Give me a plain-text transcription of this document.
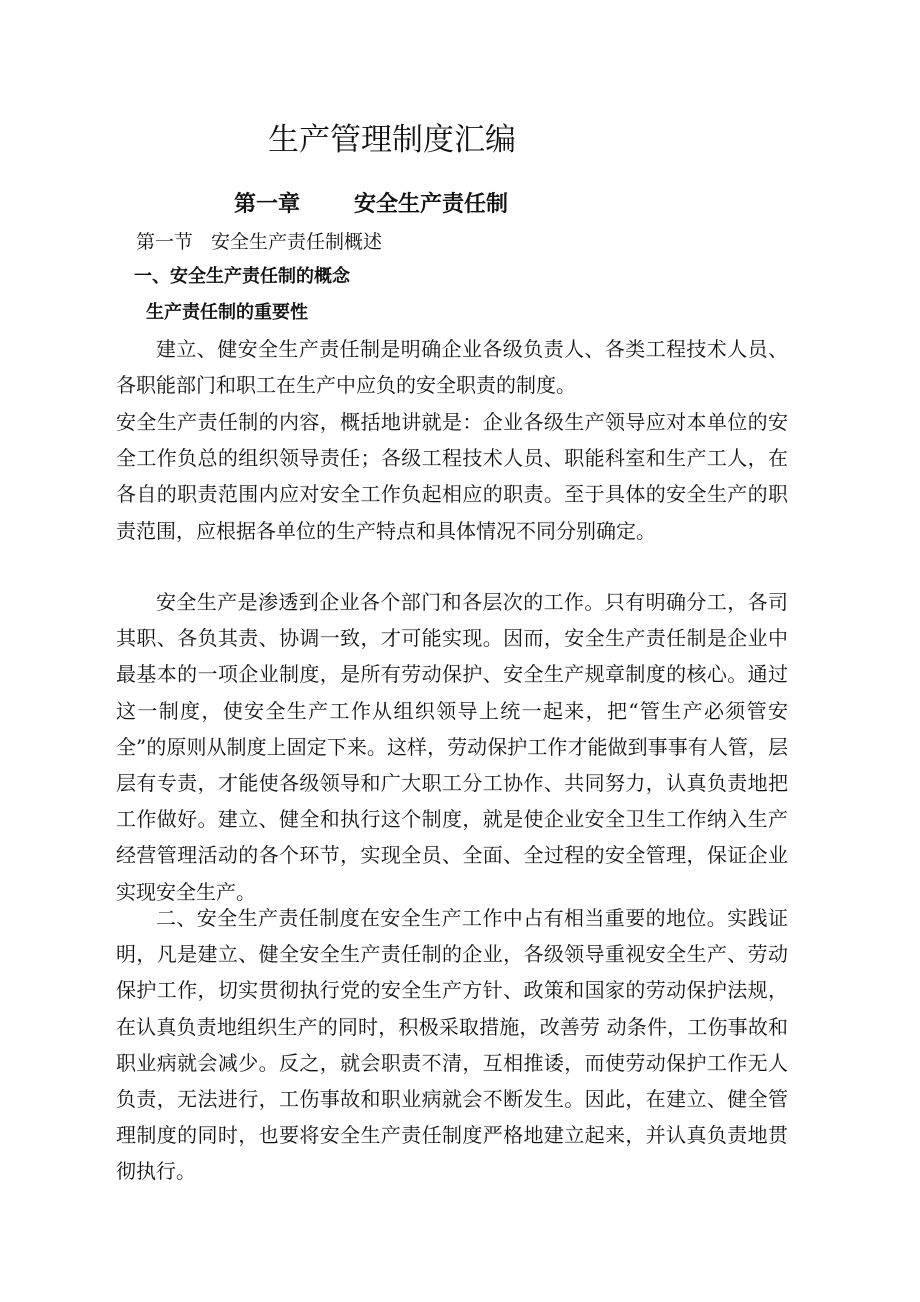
生产管理制度汇编
第一章 安全生产责任制
第一节 安全生产责任制概述
一、安全生产责任制的概念
生产责任制的重要性

建立、健安全生产责任制是明确企业各级负责人、各类工程技术人员、各职能部门和职工在生产中应负的安全职责的制度。

安全生产责任制的内容，概括地讲就是：企业各级生产领导应对本单位的安全工作负总的组织领导责任；各级工程技术人员、职能科室和生产工人，在各自的职责范围内应对安全工作负起相应的职责。至于具体的安全生产的职责范围，应根据各单位的生产特点和具体情况不同分别确定。

安全生产是渗透到企业各个部门和各层次的工作。只有明确分工，各司其职、各负其责、协调一致，才可能实现。因而，安全生产责任制是企业中最基本的一项企业制度，是所有劳动保护、安全生产规章制度的核心。通过这一制度，使安全生产工作从组织领导上统一起来，把“管生产必须管安全”的原则从制度上固定下来。这样，劳动保护工作才能做到事事有人管，层层有专责，才能使各级领导和广大职工分工协作、共同努力，认真负责地把工作做好。建立、健全和执行这个制度，就是使企业安全卫生工作纳入生产经营管理活动的各个环节，实现全员、全面、全过程的安全管理，保证企业实现安全生产。

二、安全生产责任制度在安全生产工作中占有相当重要的地位。实践证明，凡是建立、健全安全生产责任制的企业，各级领导重视安全生产、劳动保护工作，切实贯彻执行党的安全生产方针、政策和国家的劳动保护法规，在认真负责地组织生产的同时，积极采取措施，改善劳 动条件，工伤事故和职业病就会减少。反之，就会职责不清，互相推诿，而使劳动保护工作无人负责，无法进行，工伤事故和职业病就会不断发生。因此，在建立、健全管理制度的同时，也要将安全生产责任制度严格地建立起来，并认真负责地贯彻执行。
